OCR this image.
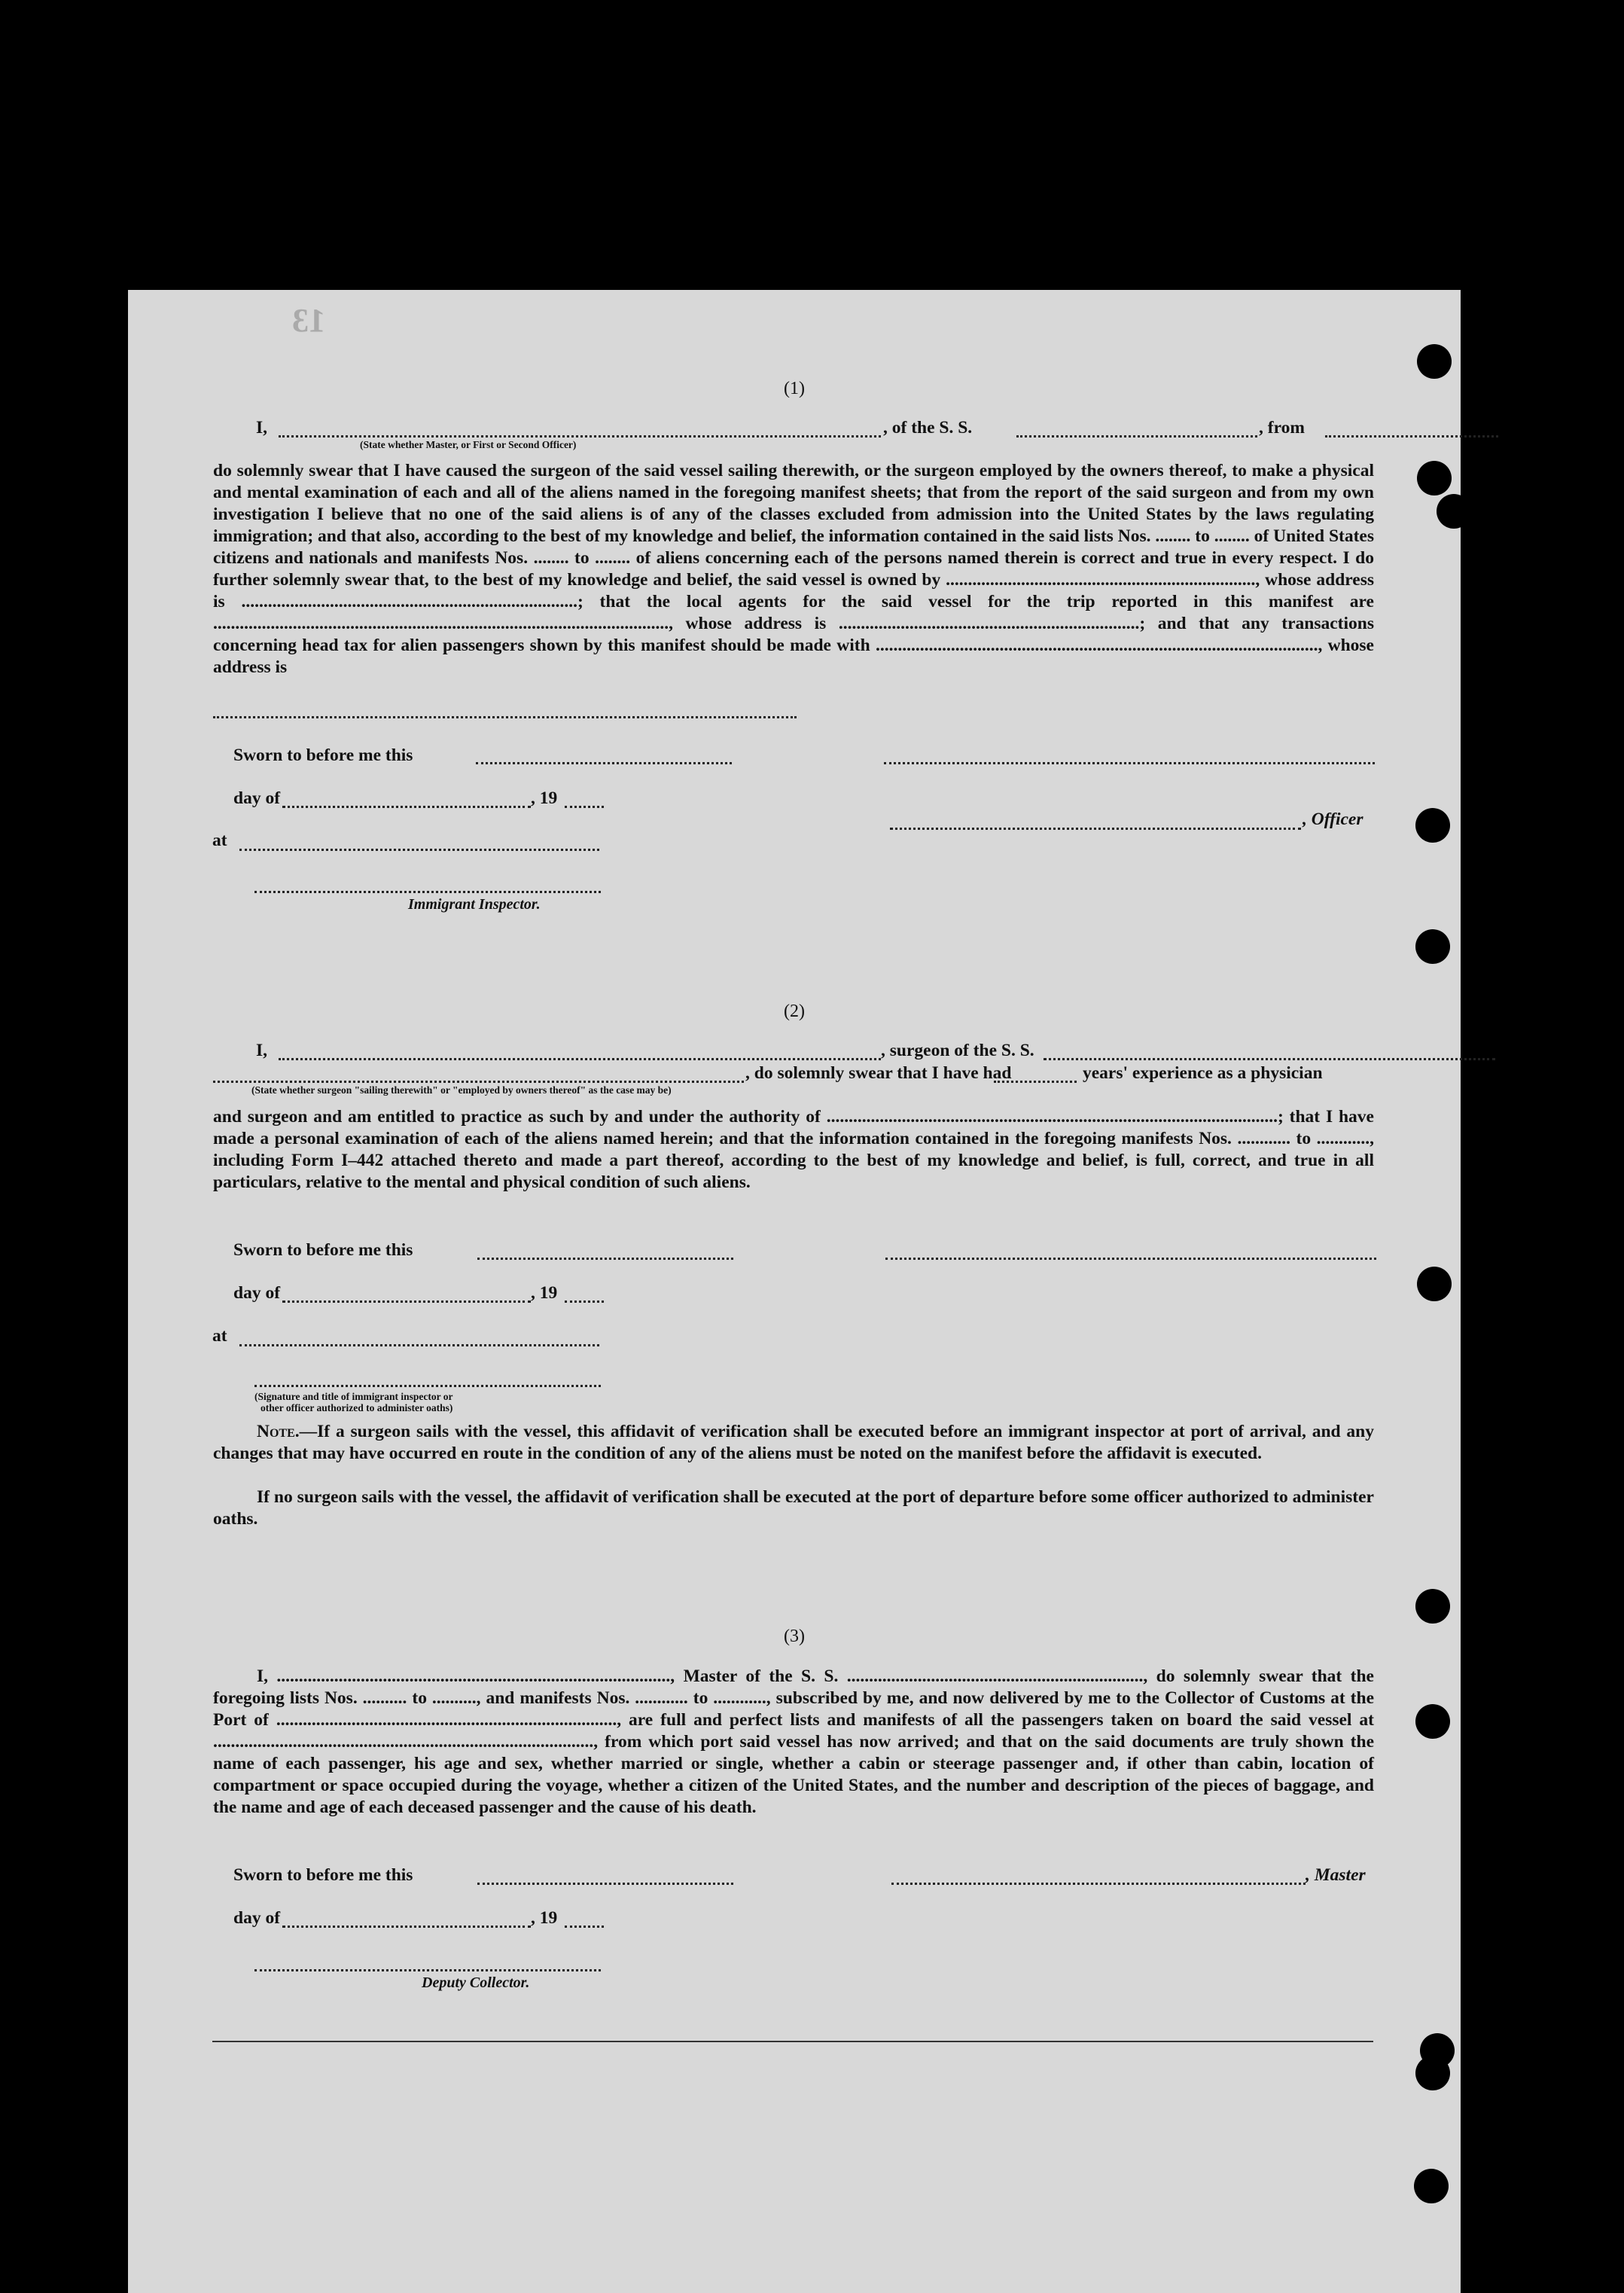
13
(1)
I,
(State whether Master, or First or Second Officer)
, of the S. S.	, from
do solemnly swear that I have caused the surgeon of the said vessel sailing therewith, or the surgeon employed by the owners thereof, to make a physical and mental examination of each and all of the aliens named in the foregoing manifest sheets; that from the report of the said surgeon and from my own investigation I believe that no one of the said aliens is of any of the classes excluded from admission into the United States by the laws regulating immigration; and that also, according to the best of my knowledge and belief, the information contained in the said lists Nos. ........ to ........ of United States citizens and nationals and manifests Nos. ........ to ........ of aliens concerning each of the persons named therein is correct and true in every respect. I do further solemnly swear that, to the best of my knowledge and belief, the said vessel is owned by ......................................................................, whose address is ............................................................................; that the local agents for the said vessel for the trip reported in this manifest are ......................................................................................................., whose address is ....................................................................; and that any transactions concerning head tax for alien passengers shown by this manifest should be made with ...................................................................................................., whose address is
Sworn to before me this
day of	, 19
, Officer
at
Immigrant Inspector.
(2)
I,	, surgeon of the S. S.
, do solemnly swear that I have had	years' experience as a physician
(State whether surgeon "sailing therewith" or "employed by owners thereof" as the case may be)
and surgeon and am entitled to practice as such by and under the authority of ......................................................................................................; that I have made a personal examination of each of the aliens named herein; and that the information contained in the foregoing manifests Nos. ............ to ............, including Form I–442 attached thereto and made a part thereof, according to the best of my knowledge and belief, is full, correct, and true in all particulars, relative to the mental and physical condition of such aliens.
Sworn to before me this
day of	, 19
at
(Signature and title of immigrant inspector or
other officer authorized to administer oaths)
Note.—If a surgeon sails with the vessel, this affidavit of verification shall be executed before an immigrant inspector at port of arrival, and any changes that may have occurred en route in the condition of any of the aliens must be noted on the manifest before the affidavit is executed.
If no surgeon sails with the vessel, the affidavit of verification shall be executed at the port of departure before some officer authorized to administer oaths.
(3)
I, ........................................................................................., Master of the S. S. ..................................................................., do solemnly swear that the foregoing lists Nos. .......... to .........., and manifests Nos. ............ to ............, subscribed by me, and now delivered by me to the Collector of Customs at the Port of ............................................................................., are full and perfect lists and manifests of all the passengers taken on board the said vessel at ......................................................................................, from which port said vessel has now arrived; and that on the said documents are truly shown the name of each passenger, his age and sex, whether married or single, whether a cabin or steerage passenger and, if other than cabin, location of compartment or space occupied during the voyage, whether a citizen of the United States, and the number and description of the pieces of baggage, and the name and age of each deceased passenger and the cause of his death.
Sworn to before me this	, Master
day of	, 19
Deputy Collector.
